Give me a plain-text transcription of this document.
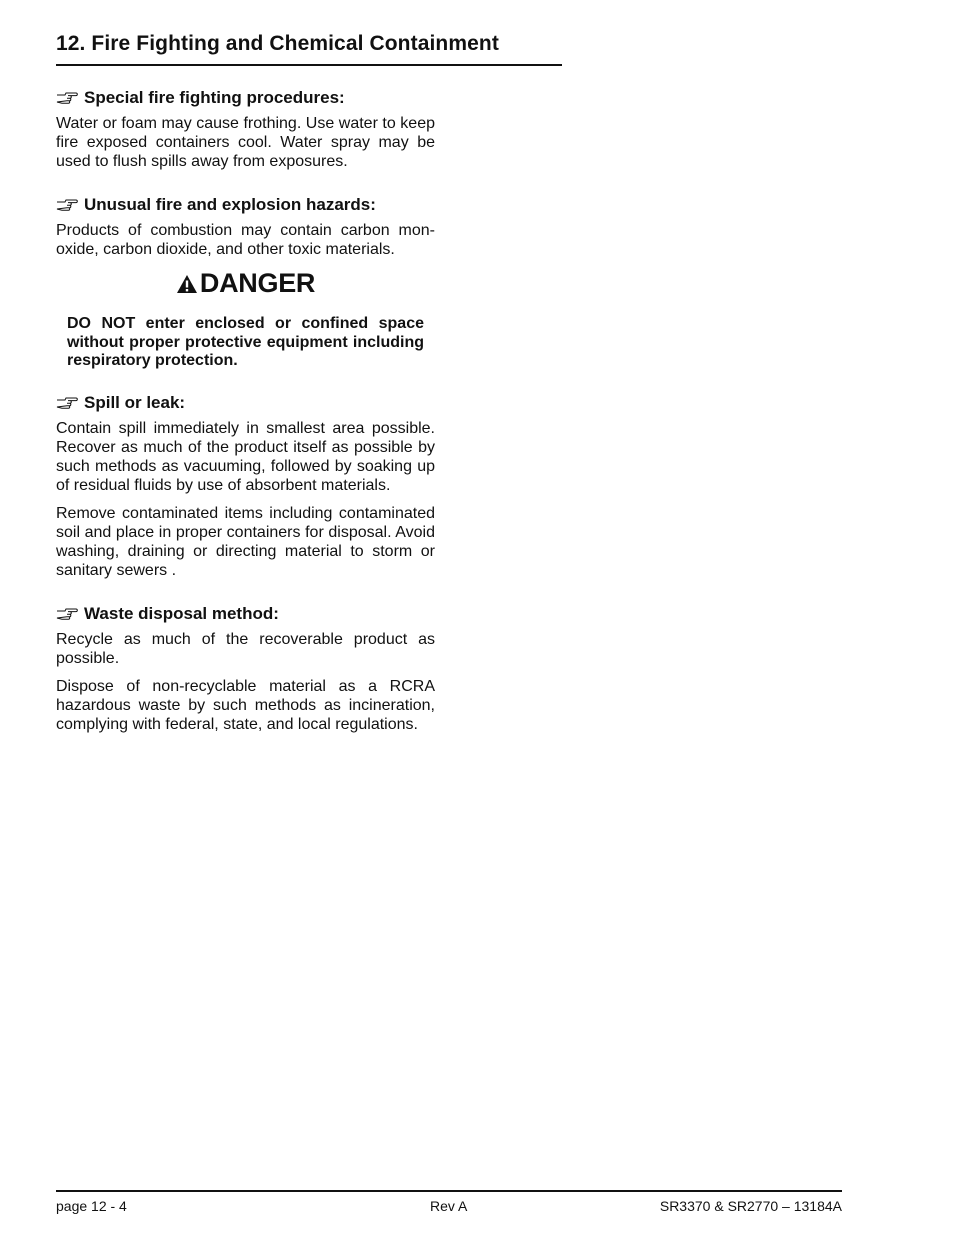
12. Fire Fighting and Chemical Containment
Special fire fighting procedures:

Water or foam may cause frothing. Use water to keep fire exposed containers cool. Water spray may be used to flush spills away from exposures.

Unusual fire and explosion hazards:

Products of combustion may contain carbon monoxide, carbon dioxide, and other toxic materials.

DANGER

DO NOT enter enclosed or confined space without proper protective equipment including respiratory protection.

Spill or leak:

Contain spill immediately in smallest area possible. Recover as much of the product itself as possible by such methods as vacuuming, followed by soaking up of residual fluids by use of absorbent materials.

Remove contaminated items including contaminated soil and place in proper containers for disposal. Avoid washing, draining or directing material to storm or sanitary sewers .

Waste disposal method:

Recycle as much of the recoverable product as possible.

Dispose of non-recyclable material as a RCRA hazardous waste by such methods as incineration, complying with federal, state, and local regulations.

page 12 - 4	Rev A	SR3370 & SR2770 – 13184A
